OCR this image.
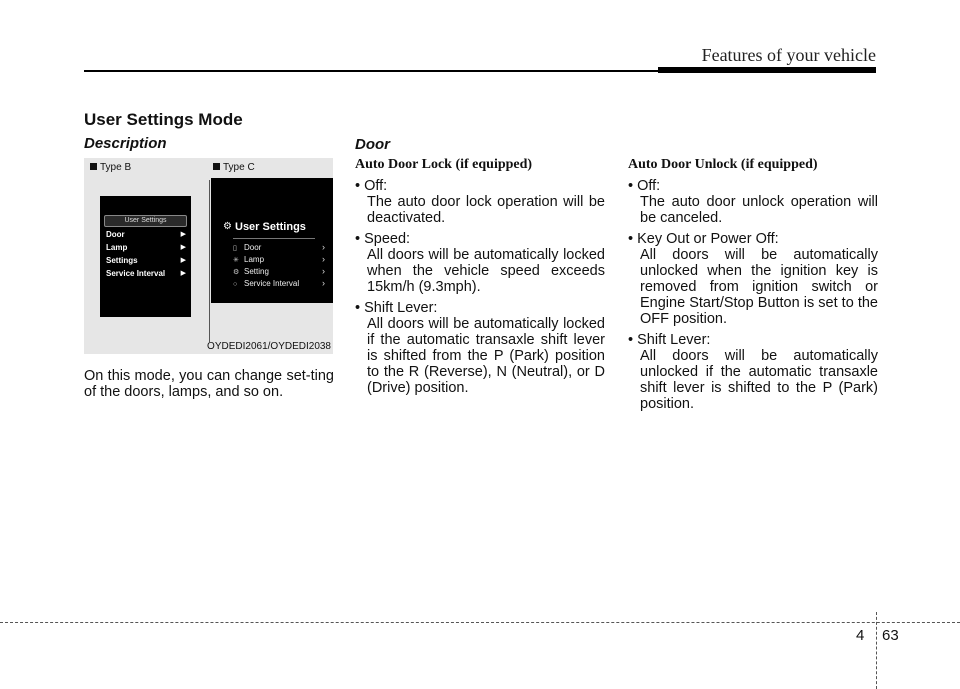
Features of your vehicle
User Settings Mode
Description
Type B	Type C
User Settings
Door	▶
Lamp	▶
Settings	▶
Service Interval ▶
⚙ User Settings
▯ Door	›
✳ Lamp	›
⚙ Setting	›
○ Service Interval	›
OYDEDI2061/OYDEDI2038
On this mode, you can change set-ting of the doors, lamps, and so on.
Door
Auto Door Lock (if equipped)

• Off:

The auto door lock operation will be deactivated.

• Speed:

All doors will be automatically locked when the vehicle speed exceeds 15km/h (9.3mph).

• Shift Lever:

All doors will be automatically locked if the automatic transaxle shift lever is shifted from the P (Park) position to the R (Reverse), N (Neutral), or D (Drive) position.

Auto Door Unlock (if equipped)

• Off:

The auto door unlock operation will be canceled.

• Key Out or Power Off:

All doors will be automatically unlocked when the ignition key is removed from ignition switch or Engine Start/Stop Button is set to the OFF position.

• Shift Lever:

All doors will be automatically unlocked if the automatic transaxle shift lever is shifted to the P (Park) position.

4 63
